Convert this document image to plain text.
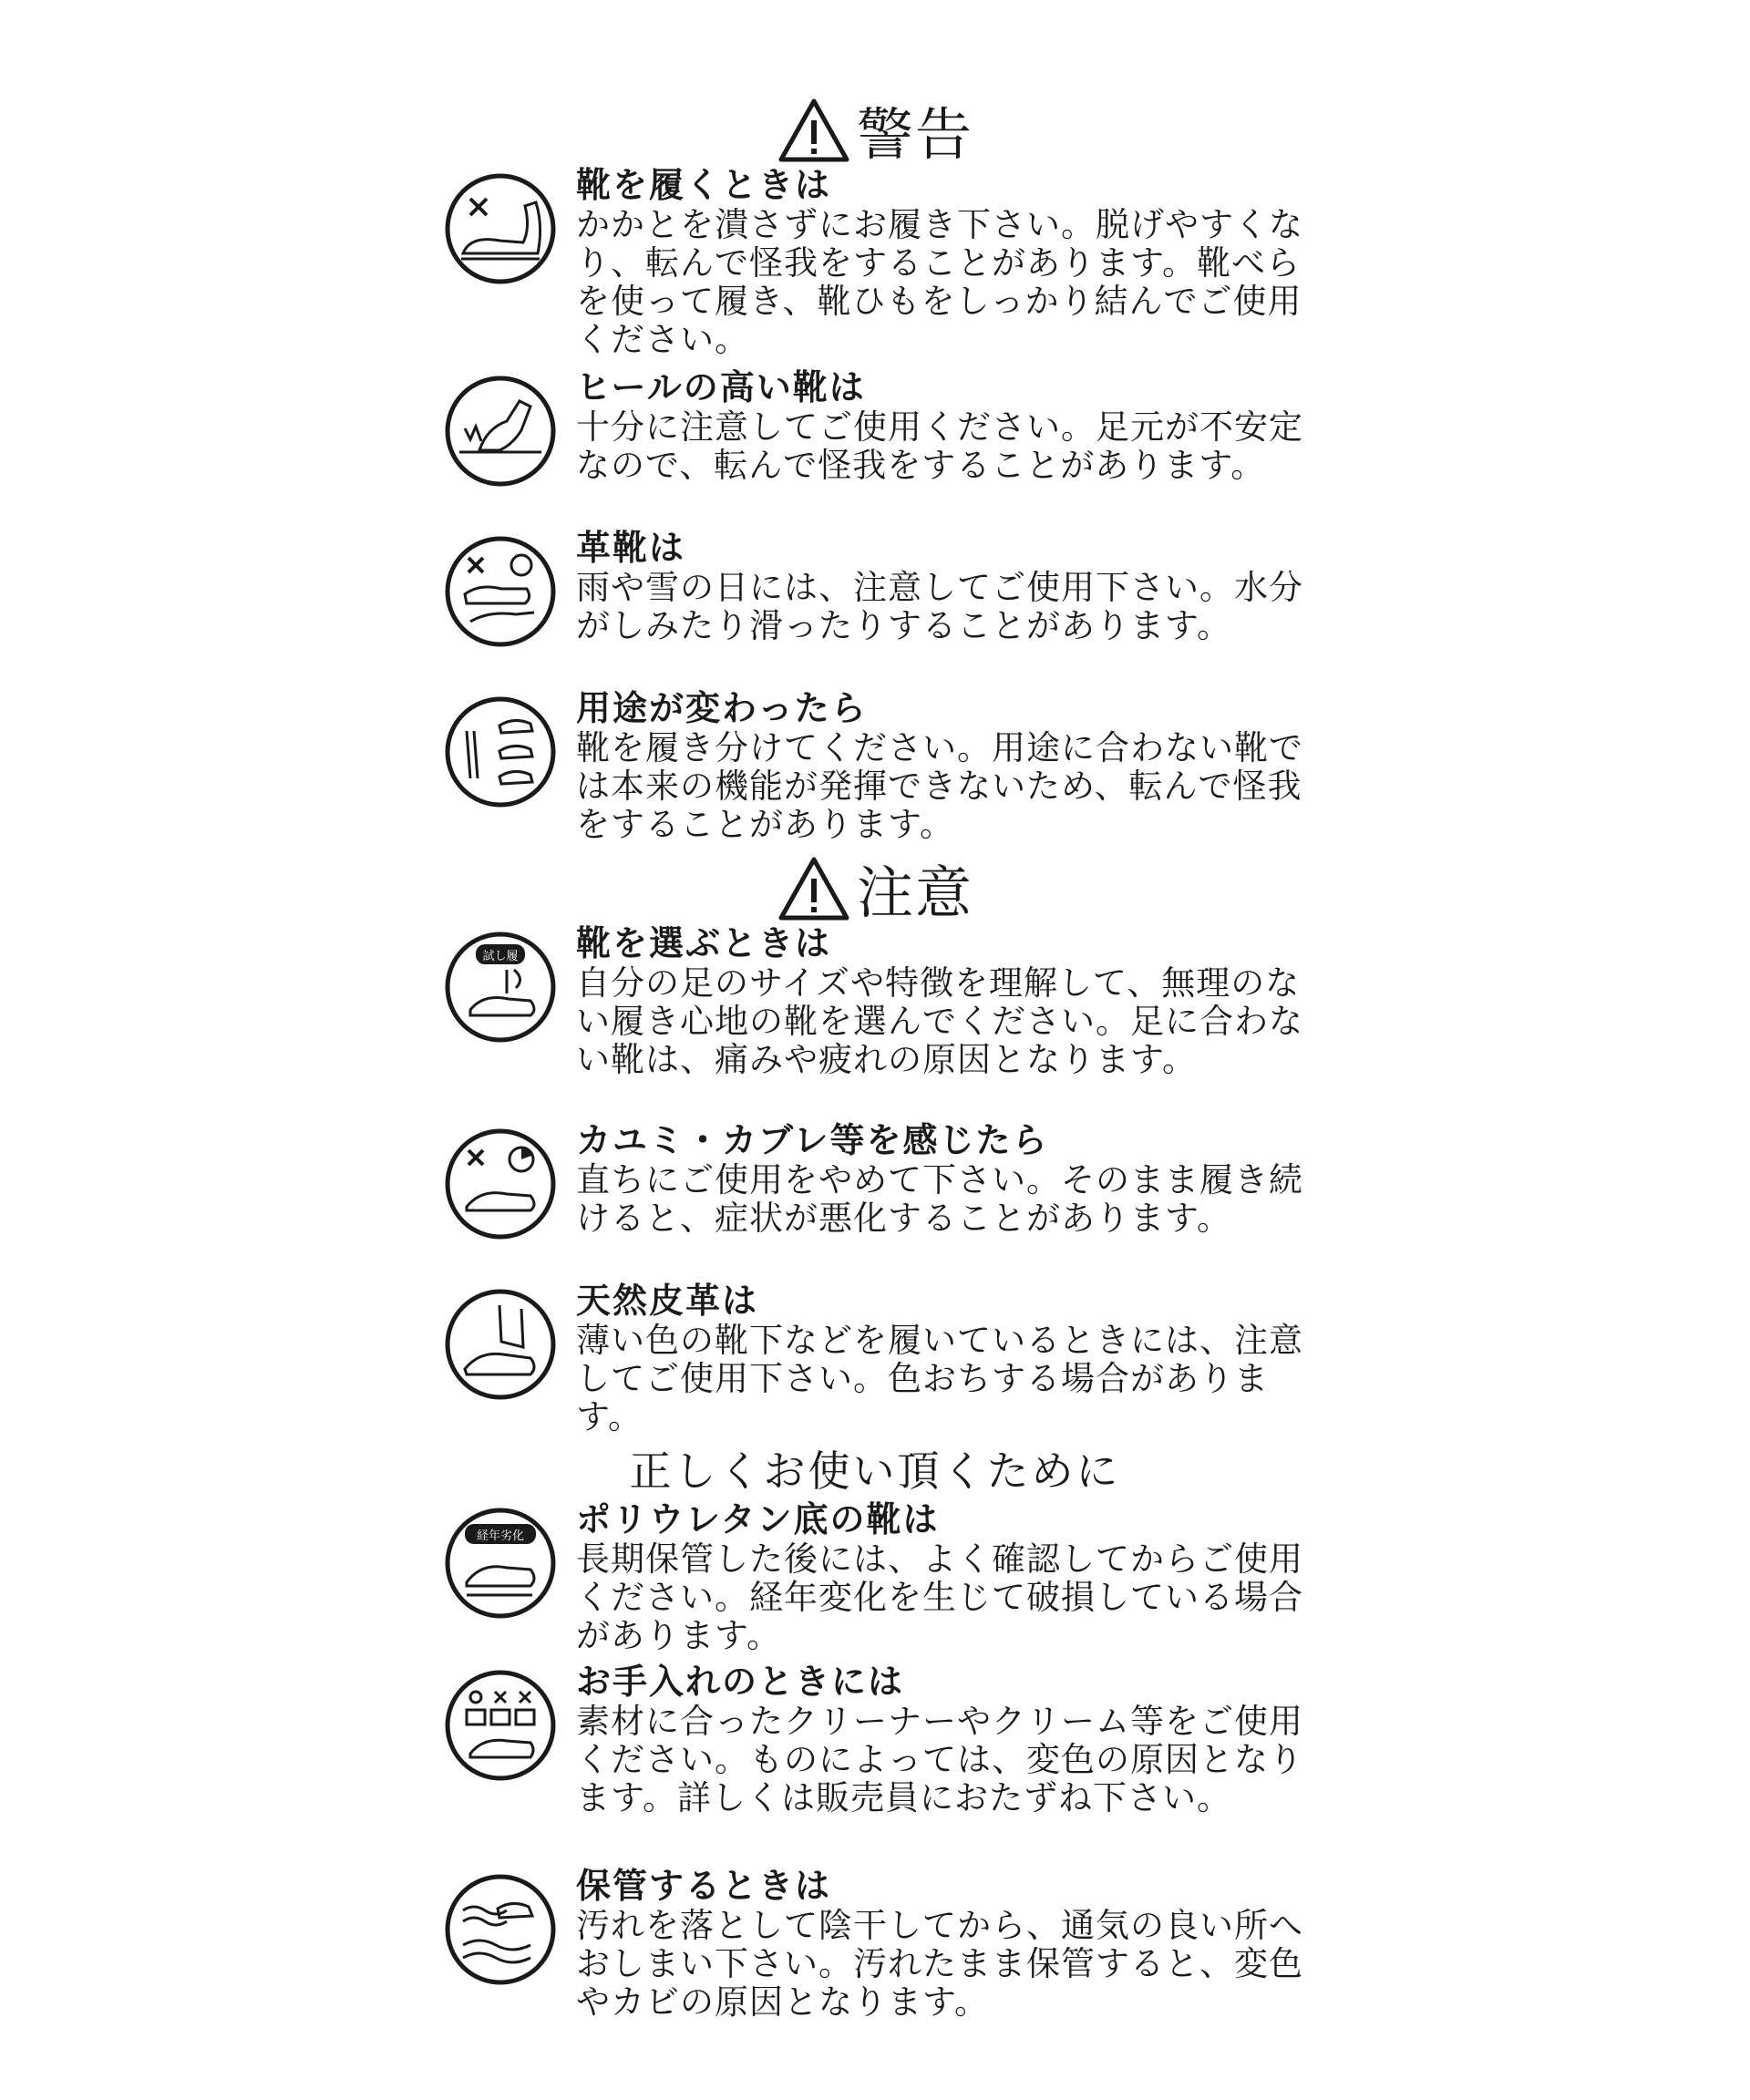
警告
靴を履くときは
かかとを潰さずにお履き下さい。脱げやすくなり、転んで怪我をすることがあります。靴べらを使って履き、靴ひもをしっかり結んでご使用ください。
ヒールの高い靴は
十分に注意してご使用ください。足元が不安定なので、転んで怪我をすることがあります。
革靴は
雨や雪の日には、注意してご使用下さい。水分がしみたり滑ったりすることがあります。
用途が変わったら
靴を履き分けてください。用途に合わない靴では本来の機能が発揮できないため、転んで怪我をすることがあります。
注意
試し履 靴を選ぶときは
自分の足のサイズや特徴を理解して、無理のない履き心地の靴を選んでください。足に合わない靴は、痛みや疲れの原因となります。
カユミ・カブレ等を感じたら
直ちにご使用をやめて下さい。そのまま履き続けると、症状が悪化することがあります。
天然皮革は
薄い色の靴下などを履いているときには、注意してご使用下さい。色おちする場合があります。
正しくお使い頂くために
経年劣化 ポリウレタン底の靴は
長期保管した後には、よく確認してからご使用ください。経年変化を生じて破損している場合があります。
お手入れのときには
素材に合ったクリーナーやクリーム等をご使用ください。ものによっては、変色の原因となります。詳しくは販売員におたずね下さい。
保管するときは
汚れを落として陰干してから、通気の良い所へおしまい下さい。汚れたまま保管すると、変色やカビの原因となります。
